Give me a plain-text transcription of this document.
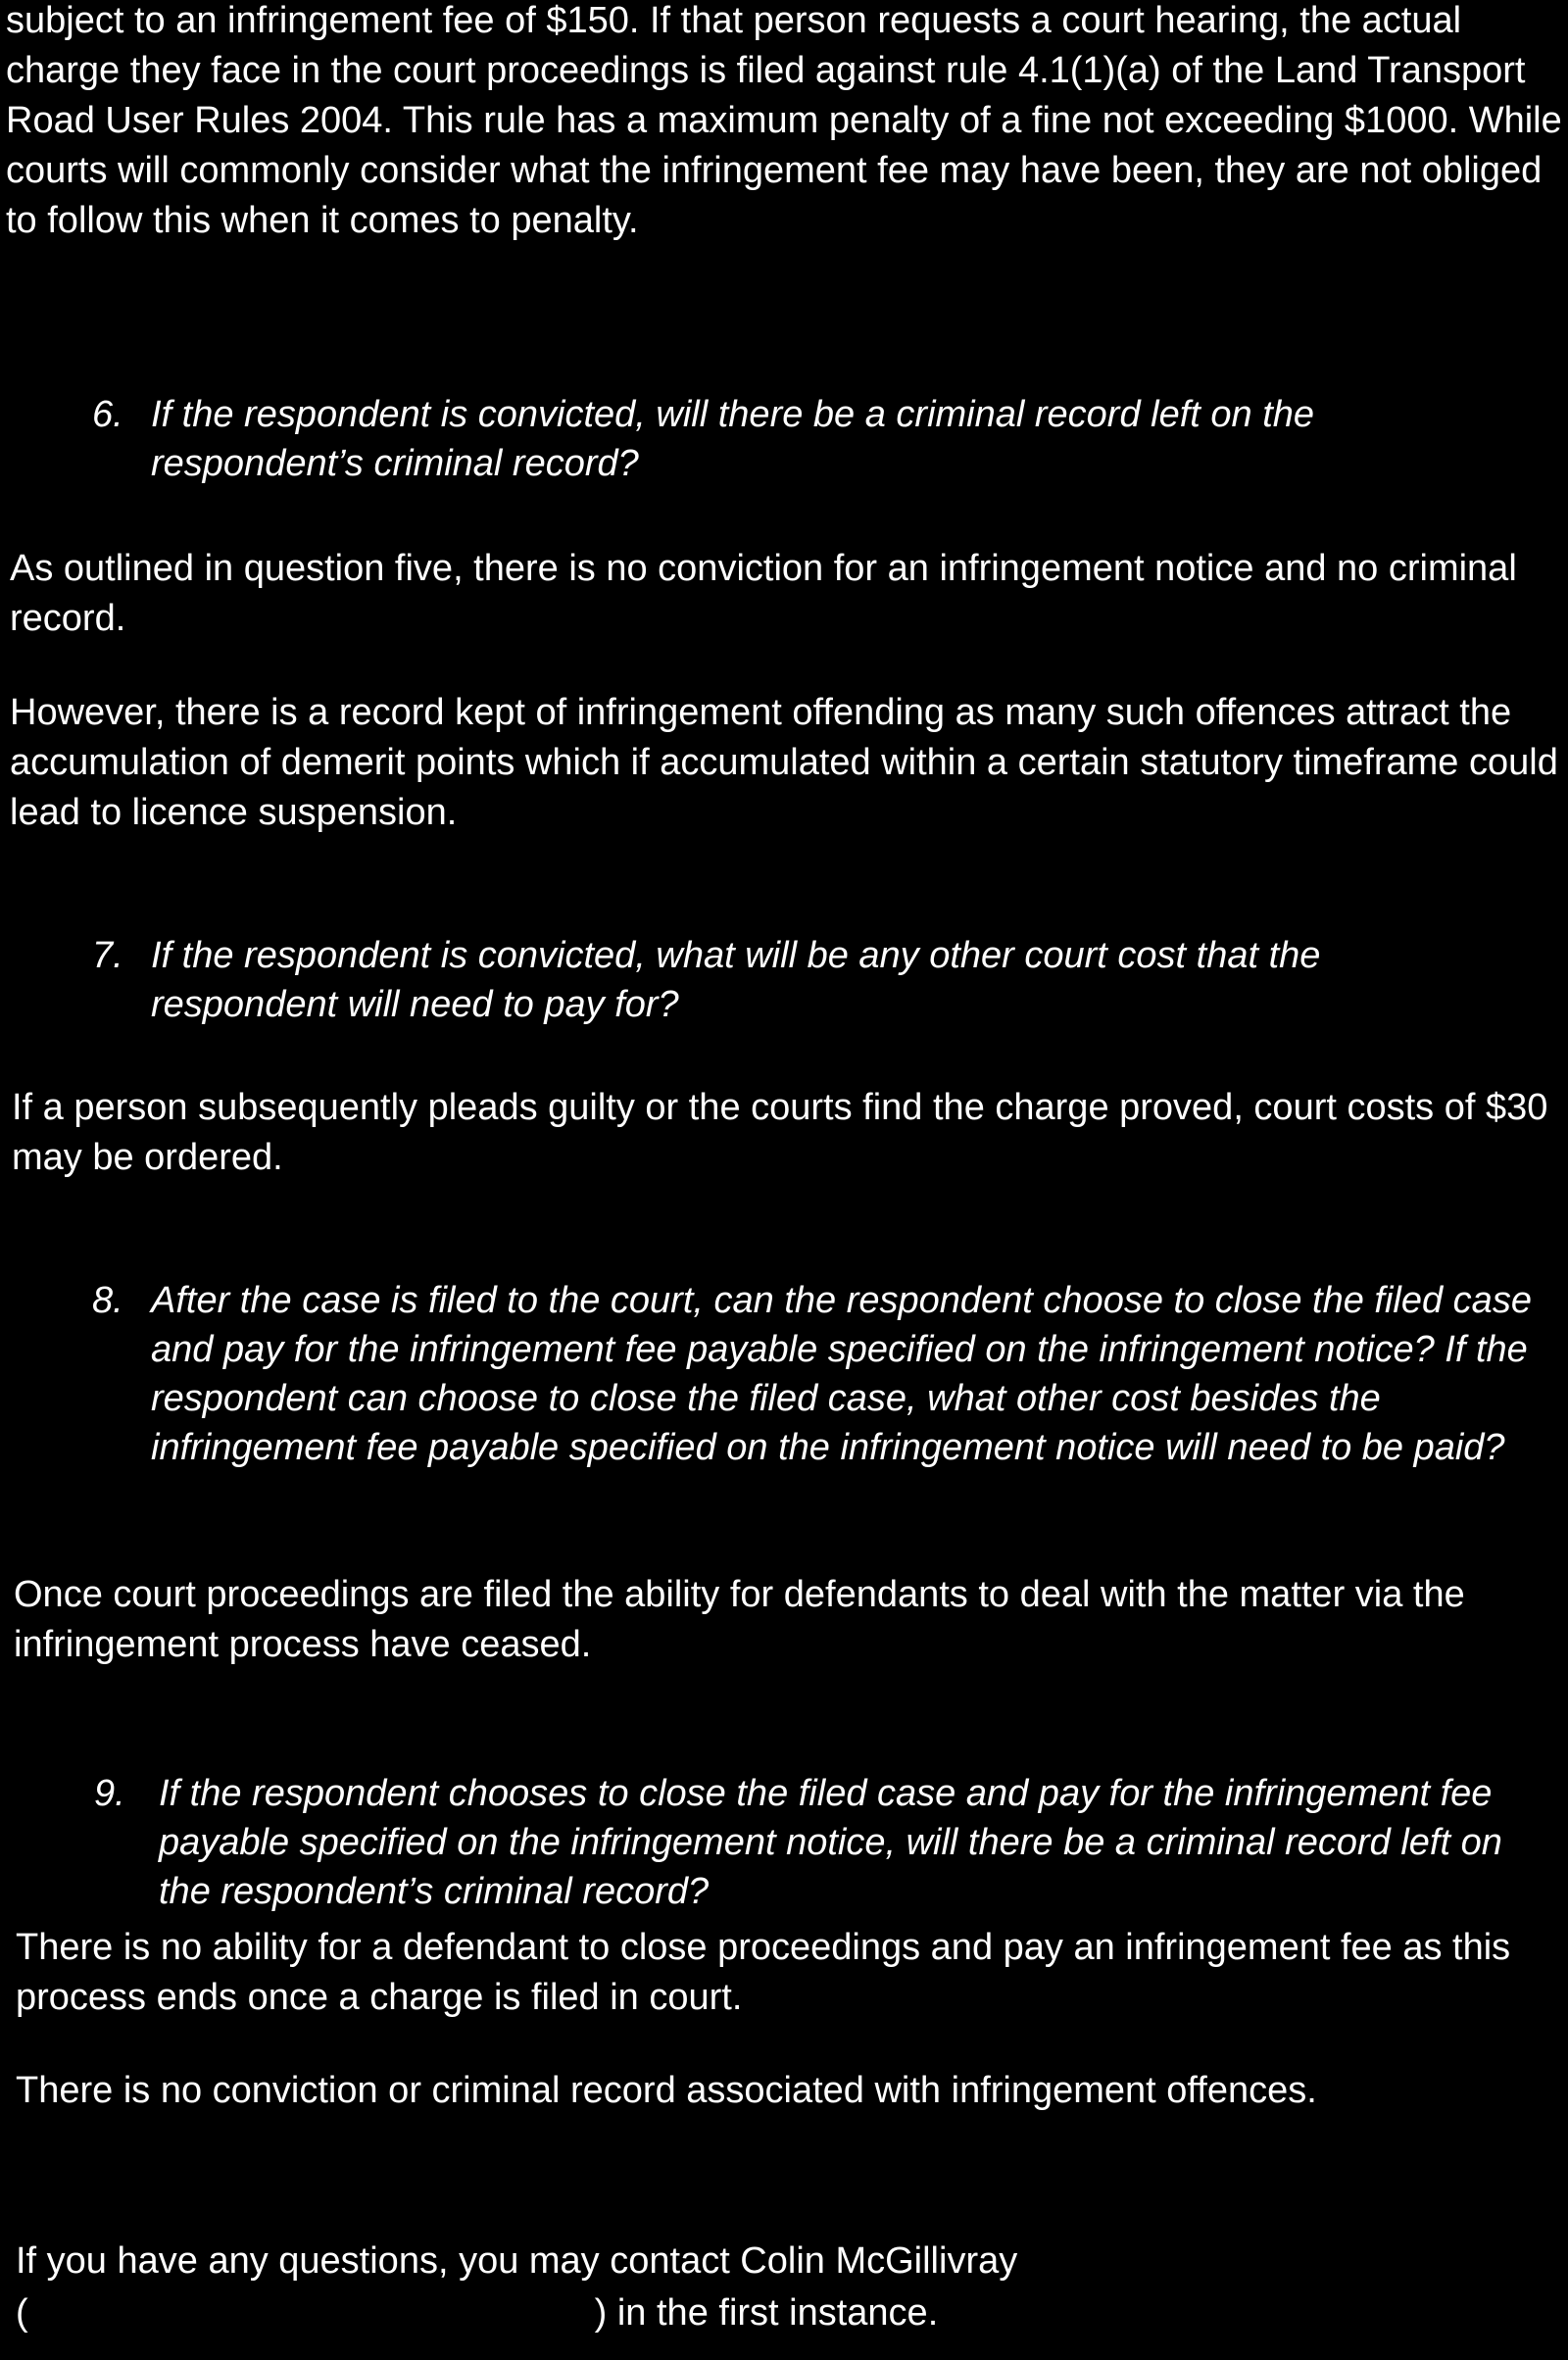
subject to an infringement fee of $150. If that person requests a court hearing, the actual charge they face in the court proceedings is filed against rule 4.1(1)(a) of the Land Transport Road User Rules 2004. This rule has a maximum penalty of a fine not exceeding $1000. While courts will commonly consider what the infringement fee may have been, they are not obliged to follow this when it comes to penalty.

6. If the respondent is convicted, will there be a criminal record left on the respondent’s criminal record?

As outlined in question five, there is no conviction for an infringement notice and no criminal record.

However, there is a record kept of infringement offending as many such offences attract the accumulation of demerit points which if accumulated within a certain statutory timeframe could lead to licence suspension.

7. If the respondent is convicted, what will be any other court cost that the respondent will need to pay for?

If a person subsequently pleads guilty or the courts find the charge proved, court costs of $30 may be ordered.

8. After the case is filed to the court, can the respondent choose to close the filed case and pay for the infringement fee payable specified on the infringement notice? If the respondent can choose to close the filed case, what other cost besides the infringement fee payable specified on the infringement notice will need to be paid?

Once court proceedings are filed the ability for defendants to deal with the matter via the infringement process have ceased.

9. If the respondent chooses to close the filed case and pay for the infringement fee payable specified on the infringement notice, will there be a criminal record left on the respondent’s criminal record?

There is no ability for a defendant to close proceedings and pay an infringement fee as this process ends once a charge is filed in court.

There is no conviction or criminal record associated with infringement offences.

If you have any questions, you may contact Colin McGillivray

(	) in the first instance.
